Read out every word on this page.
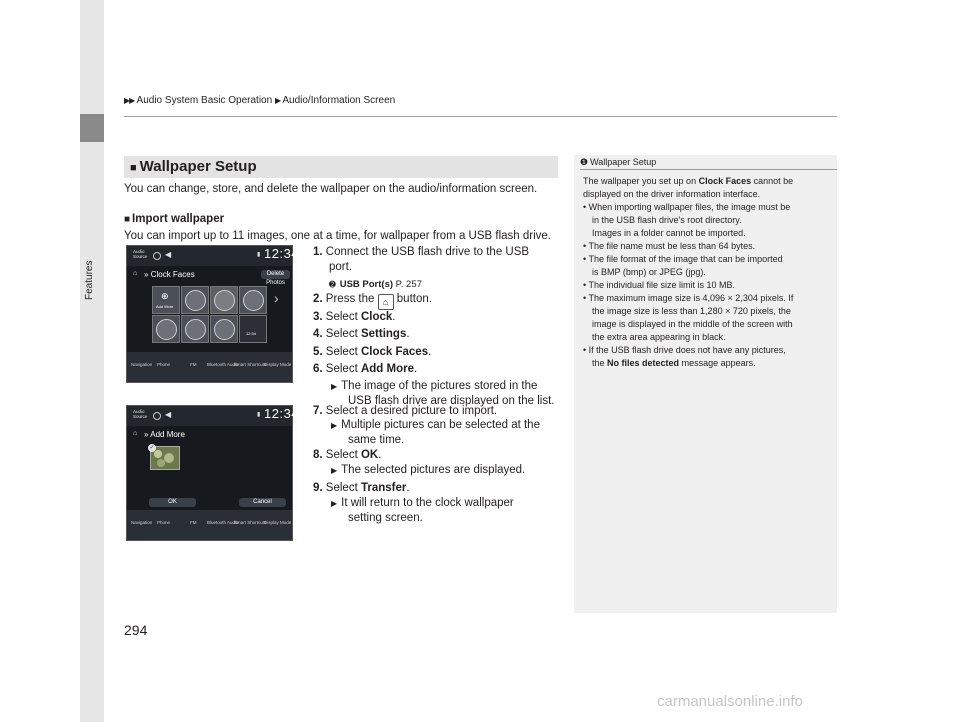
Features
▶▶ Audio System Basic Operation ▶ Audio/Information Screen
■ Wallpaper Setup
You can change, store, and delete the wallpaper on the audio/information screen.
■ Import wallpaper
You can import up to 11 images, one at a time, for wallpaper from a USB flash drive.
1. Connect the USB flash drive to the USB
port.
➋ USB Port(s) P. 257
2. Press the ⌂ button.
3. Select Clock.
4. Select Settings.
5. Select Clock Faces.
6. Select Add More.
▶ The image of the pictures stored in the
USB flash drive are displayed on the list.
7. Select a desired picture to import.
▶ Multiple pictures can be selected at the
same time.
8. Select OK.
▶ The selected pictures are displayed.
9. Select Transfer.
▶ It will return to the clock wallpaper
setting screen.
Audio
Source ◀	▮ 12:34
⌂ » Clock Faces	Delete Photos
⊕
Add More
›
12:34

Navigation Phone	FM Bluetooth Audio
Smart Shortcuts
Display Mode
Audio
Source ◀	▮ 12:34
⌂ » Add More
✓
OK	Cancel
Navigation Phone	FM Bluetooth Audio
Smart Shortcuts
Display Mode
❶ Wallpaper Setup
The wallpaper you set up on Clock Faces cannot be
displayed on the driver information interface.
• When importing wallpaper files, the image must be
in the USB flash drive's root directory.
Images in a folder cannot be imported.
• The file name must be less than 64 bytes.
• The file format of the image that can be imported
is BMP (bmp) or JPEG (jpg).
• The individual file size limit is 10 MB.
• The maximum image size is 4,096 × 2,304 pixels. If
the image size is less than 1,280 × 720 pixels, the
image is displayed in the middle of the screen with
the extra area appearing in black.
• If the USB flash drive does not have any pictures,
the No files detected message appears.
294
carmanualsonline.info
